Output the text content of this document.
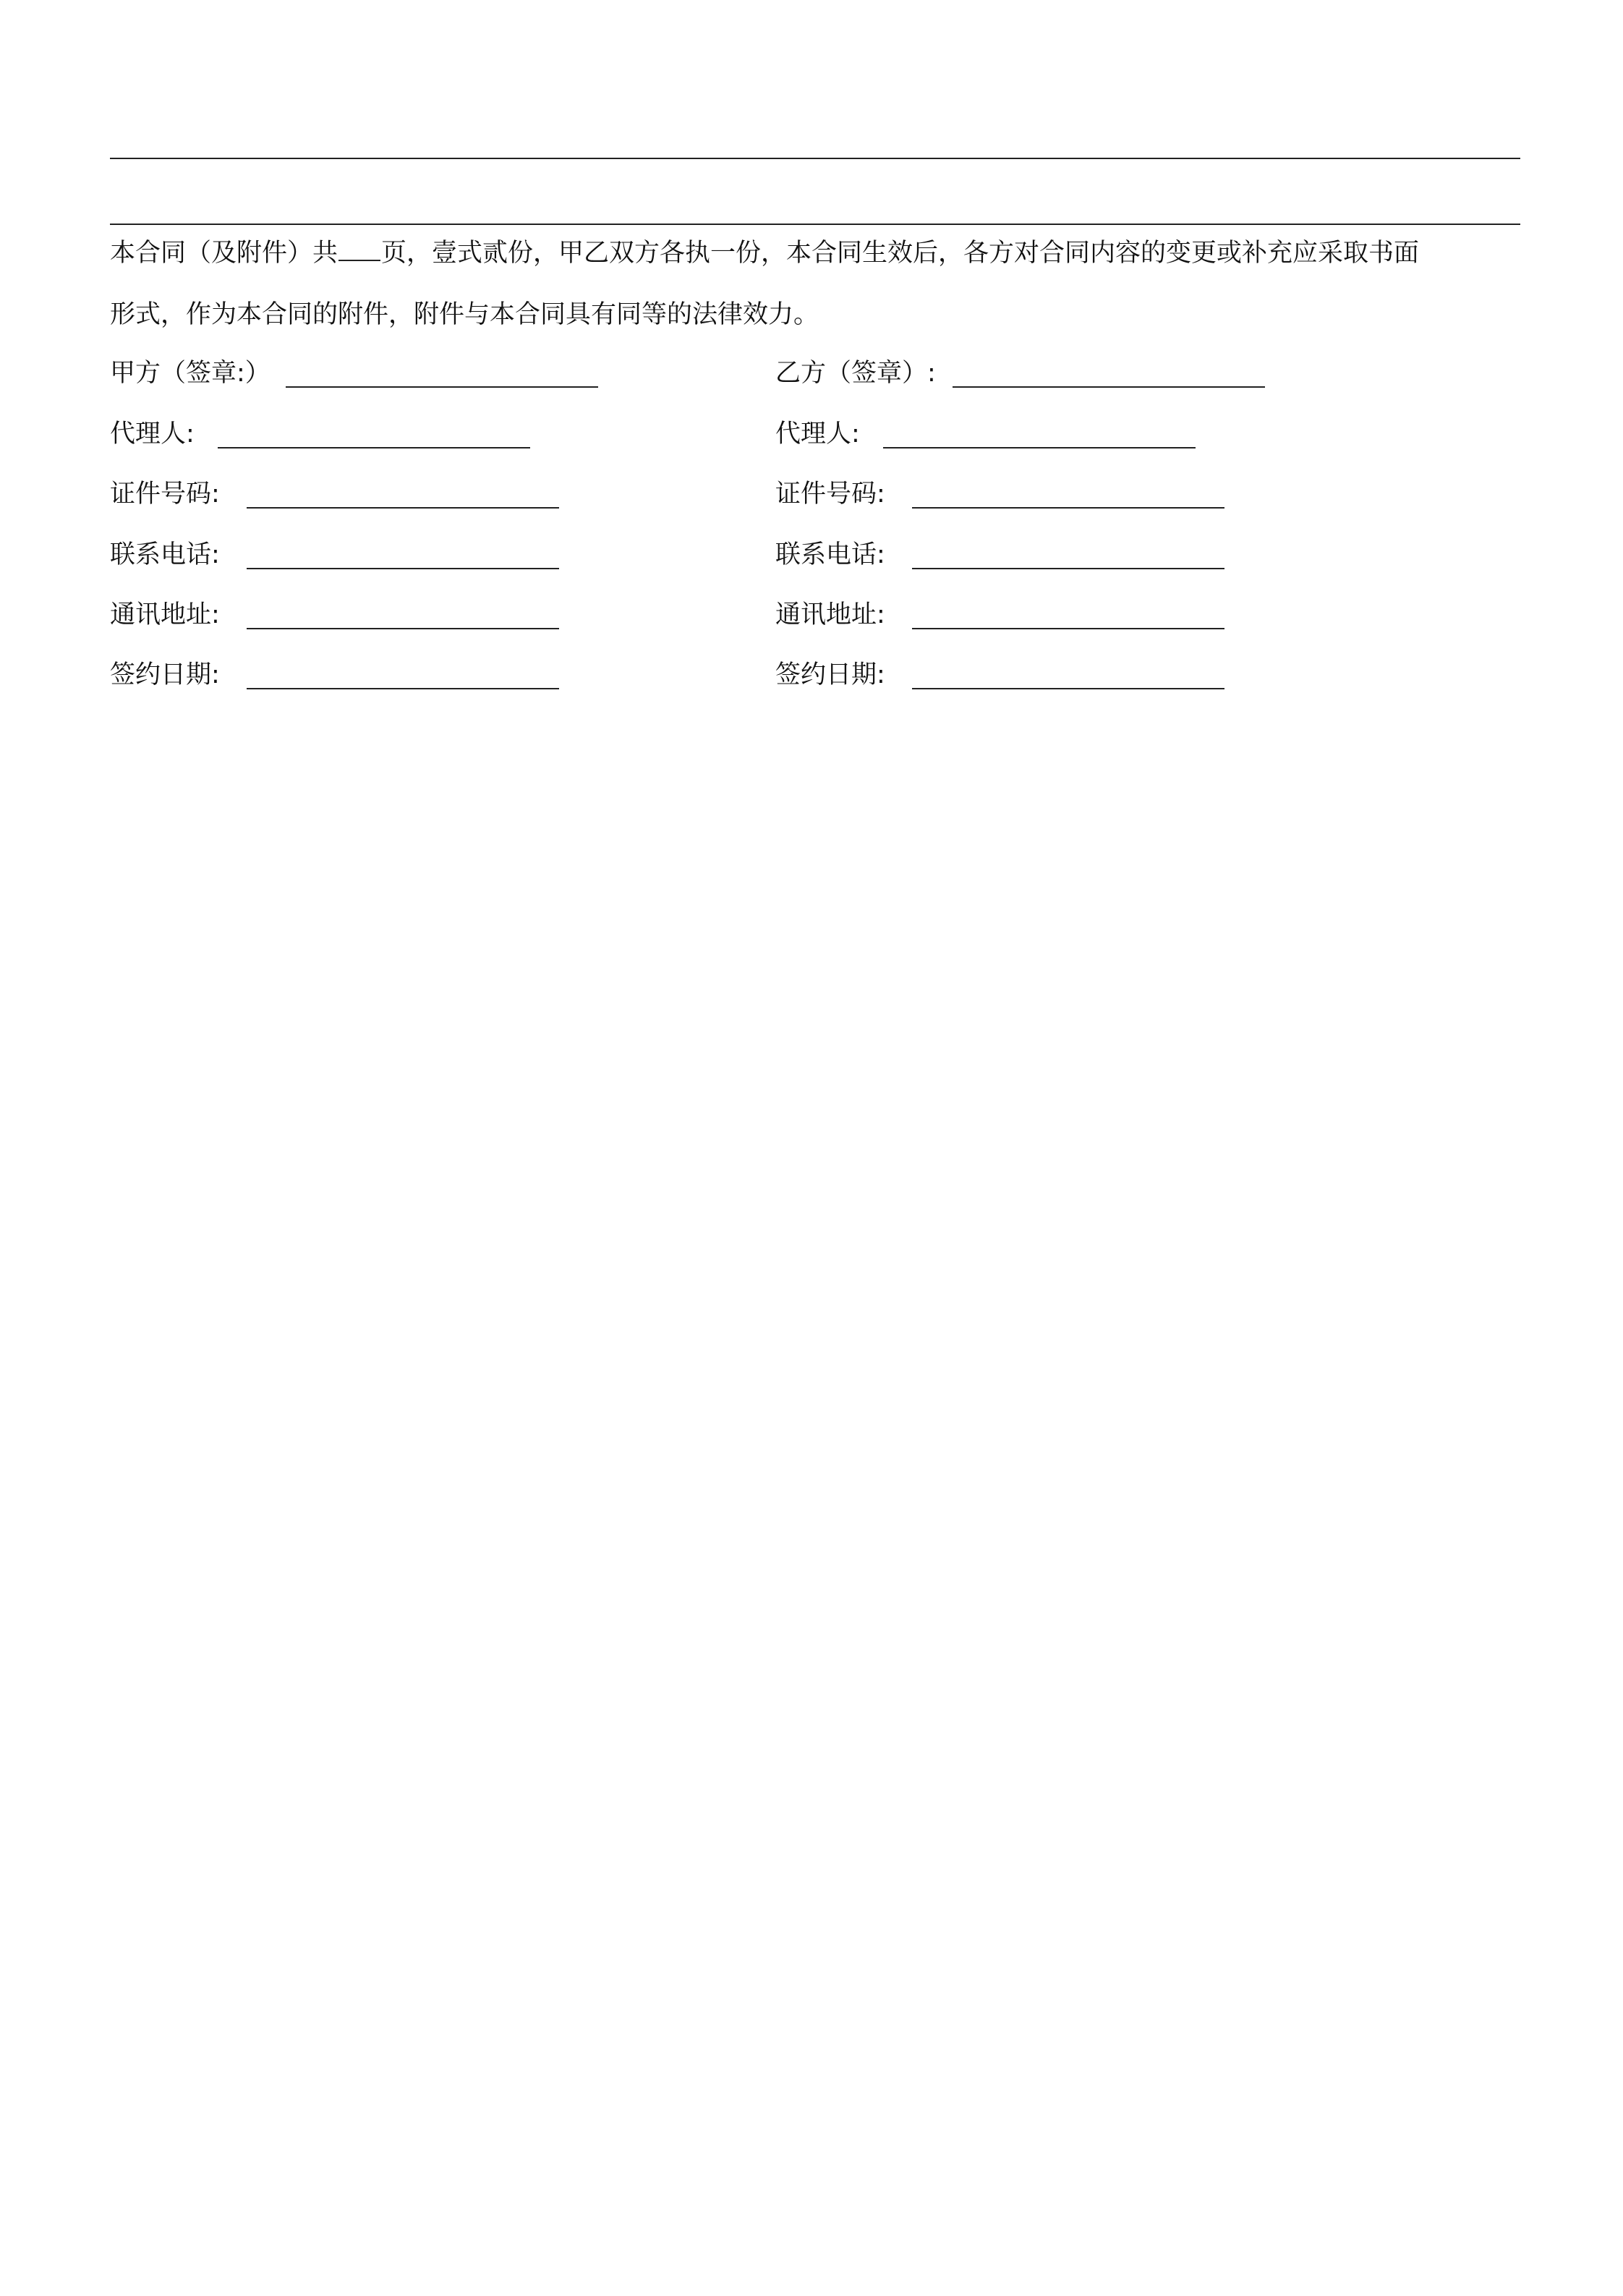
本合同（及附件）共 页，壹式贰份，甲乙双方各执一份，本合同生效后，各方对合同内容的变更或补充应采取书面
形式，作为本合同的附件，附件与本合同具有同等的法律效力。
甲方（签章:）
代理人:
证件号码:
联系电话:
通讯地址:
签约日期:
乙方（签章）:
代理人:
证件号码:
联系电话:
通讯地址:
签约日期:
